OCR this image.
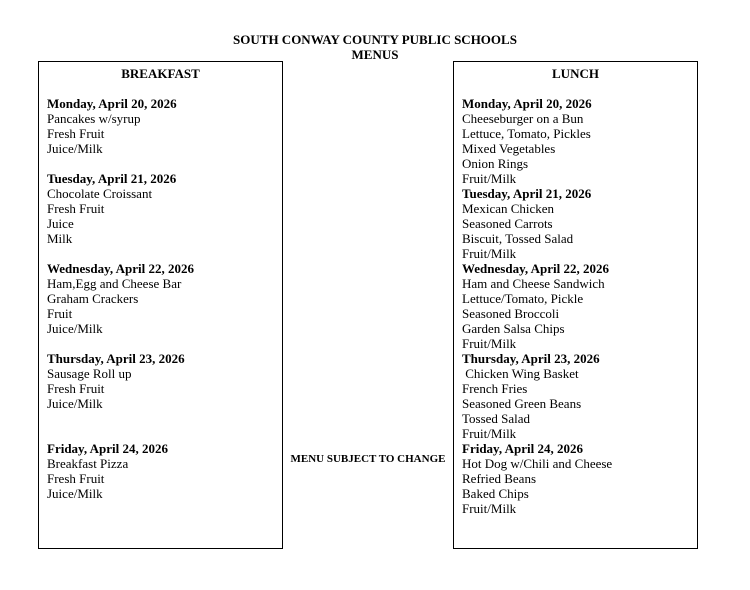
SOUTH CONWAY COUNTY PUBLIC SCHOOLS
MENUS
BREAKFAST
Monday, April 20, 2026
Pancakes w/syrup
Fresh Fruit
Juice/Milk
Tuesday, April 21, 2026
Chocolate Croissant
Fresh Fruit
Juice
Milk
Wednesday, April 22, 2026
Ham,Egg and Cheese Bar
Graham Crackers
Fruit
Juice/Milk
Thursday, April 23, 2026
Sausage Roll up
Fresh Fruit
Juice/Milk
Friday, April 24, 2026
Breakfast Pizza
Fresh Fruit
Juice/Milk
MENU SUBJECT TO CHANGE
LUNCH
Monday, April 20, 2026
Cheeseburger on a Bun
Lettuce, Tomato, Pickles
Mixed Vegetables
Onion Rings
Fruit/Milk
Tuesday, April 21, 2026
Mexican Chicken
Seasoned Carrots
Biscuit, Tossed Salad
Fruit/Milk
Wednesday, April 22, 2026
Ham and Cheese Sandwich
Lettuce/Tomato, Pickle
Seasoned Broccoli
Garden Salsa Chips
Fruit/Milk
Thursday, April 23, 2026
Chicken Wing Basket
French Fries
Seasoned Green Beans
Tossed Salad
Fruit/Milk
Friday, April 24, 2026
Hot Dog w/Chili and Cheese
Refried Beans
Baked Chips
Fruit/Milk
